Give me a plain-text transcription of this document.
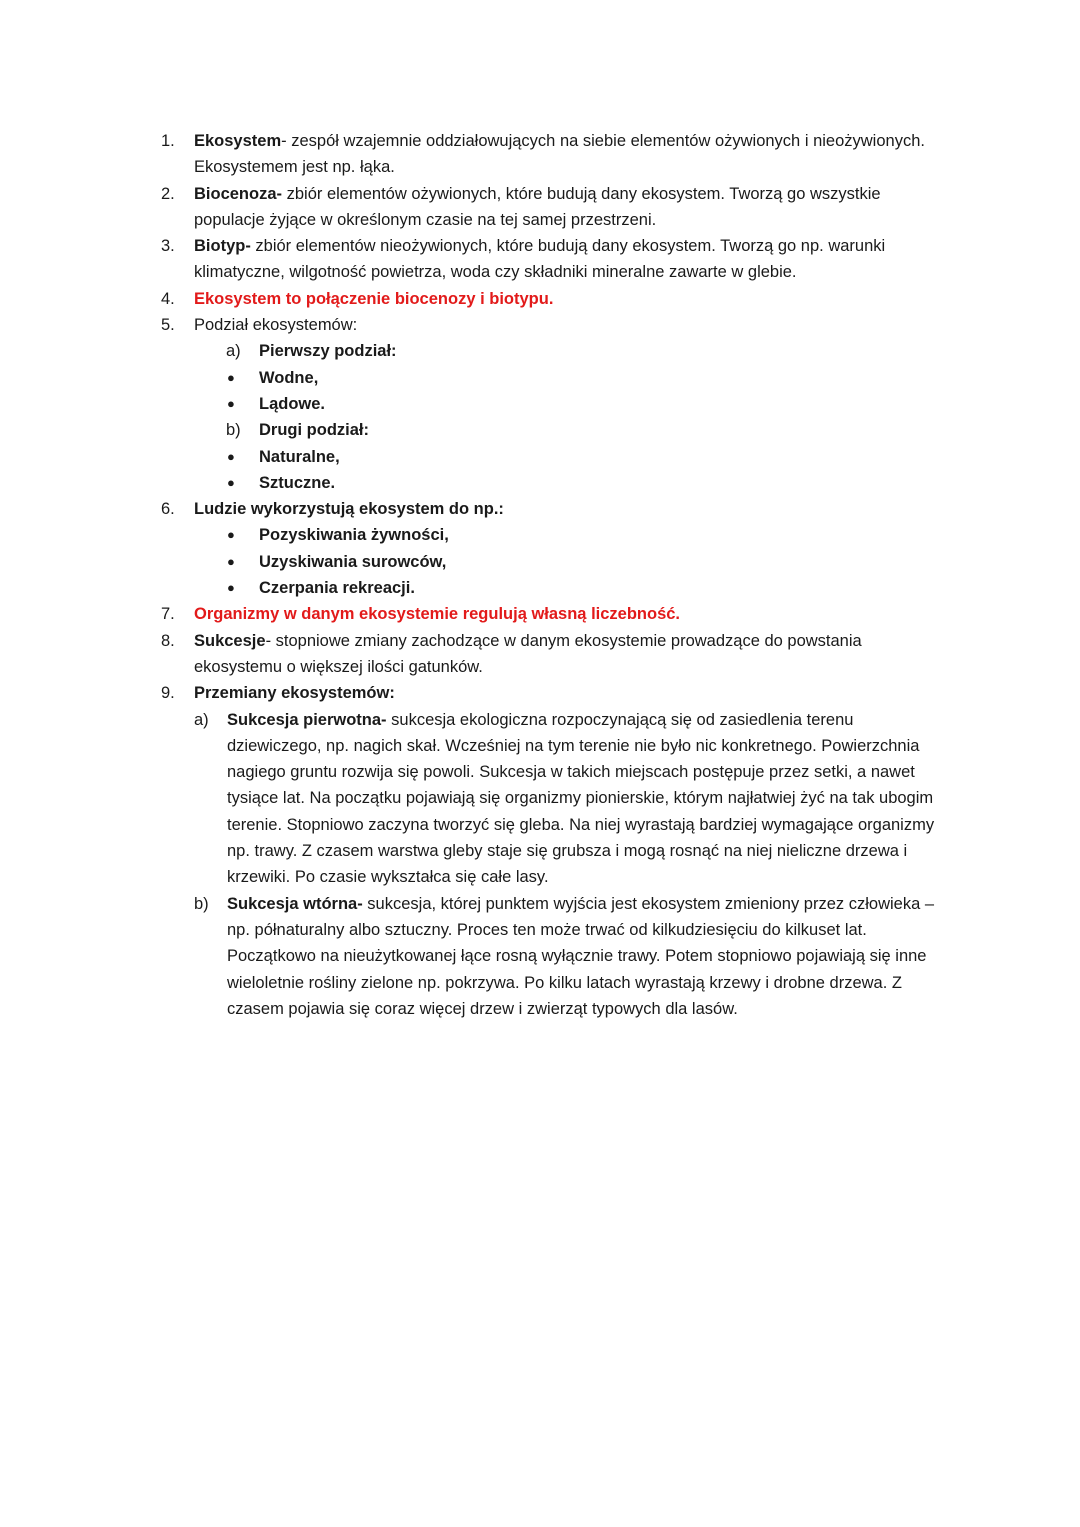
1. Ekosystem- zespół wzajemnie oddziałowujących na siebie elementów ożywionych i nieożywionych. Ekosystemem jest np. łąka.
2. Biocenoza- zbiór elementów ożywionych, które budują dany ekosystem. Tworzą go wszystkie populacje żyjące w określonym czasie na tej samej przestrzeni.
3. Biotyp- zbiór elementów nieożywionych, które budują dany ekosystem. Tworzą go np. warunki klimatyczne, wilgotność powietrza, woda czy składniki mineralne zawarte w glebie.
4. Ekosystem to połączenie biocenozy i biotypu.
5. Podział ekosystemów:
a) Pierwszy podział:
● Wodne,
● Lądowe.
b) Drugi podział:
● Naturalne,
● Sztuczne.
6. Ludzie wykorzystują ekosystem do np.:
● Pozyskiwania żywności,
● Uzyskiwania surowców,
● Czerpania rekreacji.
7. Organizmy w danym ekosystemie regulują własną liczebność.
8. Sukcesje- stopniowe zmiany zachodzące w danym ekosystemie prowadzące do powstania ekosystemu o większej ilości gatunków.
9. Przemiany ekosystemów:
a) Sukcesja pierwotna- sukcesja ekologiczna rozpoczynającą się od zasiedlenia terenu dziewiczego, np. nagich skał. Wcześniej na tym terenie nie było nic konkretnego. Powierzchnia nagiego gruntu rozwija się powoli. Sukcesja w takich miejscach postępuje przez setki, a nawet tysiące lat. Na początku pojawiają się organizmy pionierskie, którym najłatwiej żyć na tak ubogim terenie. Stopniowo zaczyna tworzyć się gleba. Na niej wyrastają bardziej wymagające organizmy np. trawy. Z czasem warstwa gleby staje się grubsza i mogą rosnąć na niej nieliczne drzewa i krzewiki. Po czasie wykształca się całe lasy.
b) Sukcesja wtórna- sukcesja, której punktem wyjścia jest ekosystem zmieniony przez człowieka – np. półnaturalny albo sztuczny. Proces ten może trwać od kilkudziesięciu do kilkuset lat. Początkowo na nieużytkowanej łące rosną wyłącznie trawy. Potem stopniowo pojawiają się inne wieloletnie rośliny zielone np. pokrzywa. Po kilku latach wyrastają krzewy i drobne drzewa. Z czasem pojawia się coraz więcej drzew i zwierząt typowych dla lasów.
